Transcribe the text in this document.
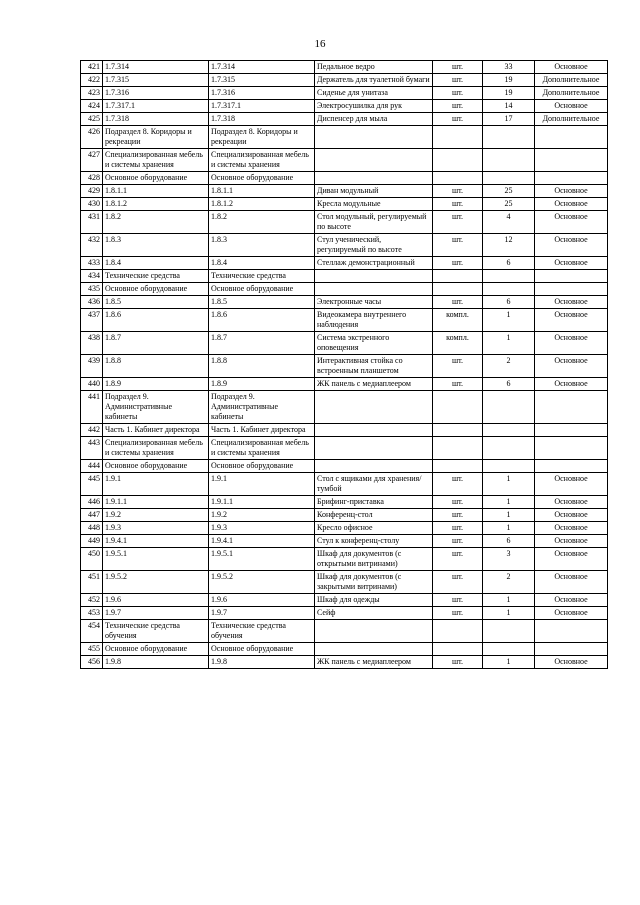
16
421	1.7.314	1.7.314	Педальное ведро	шт.	33	Основное
422	1.7.315	1.7.315	Держатель для туалетной бумаги	шт.	19	Дополнительное
423	1.7.316	1.7.316	Сиденье для унитаза	шт.	19	Дополнительное
424	1.7.317.1	1.7.317.1	Электросушилка для рук	шт.	14	Основное
425	1.7.318	1.7.318	Диспенсер для мыла	шт.	17	Дополнительное
426	Подраздел 8. Коридоры и рекреации	Подраздел 8. Коридоры и рекреации				
427	Специализированная мебель и системы хранения	Специализированная мебель и системы хранения				
428	Основное оборудование	Основное оборудование				
429	1.8.1.1	1.8.1.1	Диван модульный	шт.	25	Основное
430	1.8.1.2	1.8.1.2	Кресла модульные	шт.	25	Основное
431	1.8.2	1.8.2	Стол модульный, регулируемый по высоте	шт.	4	Основное
432	1.8.3	1.8.3	Стул ученический, регулируемый по высоте	шт.	12	Основное
433	1.8.4	1.8.4	Стеллаж демонстрационный	шт.	6	Основное
434	Технические средства	Технические средства				
435	Основное оборудование	Основное оборудование				
436	1.8.5	1.8.5	Электронные часы	шт.	6	Основное
437	1.8.6	1.8.6	Видеокамера внутреннего наблюдения	компл.	1	Основное
438	1.8.7	1.8.7	Система экстренного оповещения	компл.	1	Основное
439	1.8.8	1.8.8	Интерактивная стойка со встроенным планшетом	шт.	2	Основное
440	1.8.9	1.8.9	ЖК панель с медиаплеером	шт.	6	Основное
441	Подраздел 9. Административные кабинеты	Подраздел 9. Административные кабинеты				
442	Часть 1. Кабинет директора	Часть 1. Кабинет директора				
443	Специализированная мебель и системы хранения	Специализированная мебель и системы хранения				
444	Основное оборудование	Основное оборудование				
445	1.9.1	1.9.1	Стол с ящиками для хранения/тумбой	шт.	1	Основное
446	1.9.1.1	1.9.1.1	Брифинг-приставка	шт.	1	Основное
447	1.9.2	1.9.2	Конференц-стол	шт.	1	Основное
448	1.9.3	1.9.3	Кресло офисное	шт.	1	Основное
449	1.9.4.1	1.9.4.1	Стул к конференц-столу	шт.	6	Основное
450	1.9.5.1	1.9.5.1	Шкаф для документов (с открытыми витринами)	шт.	3	Основное
451	1.9.5.2	1.9.5.2	Шкаф для документов (с закрытыми витринами)	шт.	2	Основное
452	1.9.6	1.9.6	Шкаф для одежды	шт.	1	Основное
453	1.9.7	1.9.7	Сейф	шт.	1	Основное
454	Технические средства обучения	Технические средства обучения				
455	Основное оборудование	Основное оборудование				
456	1.9.8	1.9.8	ЖК панель с медиаплеером	шт.	1	Основное
